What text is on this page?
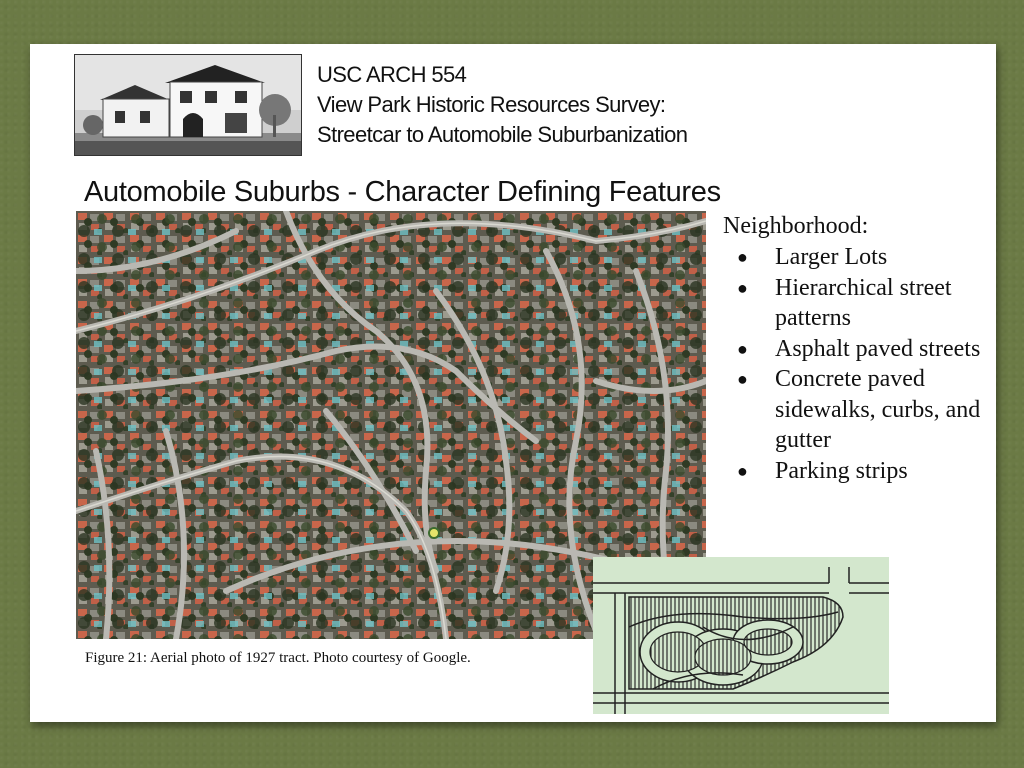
USC ARCH 554
View Park Historic Resources Survey:
Streetcar to Automobile Suburbanization
Automobile Suburbs - Character Defining Features
Figure 21: Aerial photo of 1927 tract. Photo courtesy of Google.
Neighborhood:
● Larger Lots
● Hierarchical street patterns
● Asphalt paved streets
● Concrete paved sidewalks, curbs, and gutter
● Parking strips
